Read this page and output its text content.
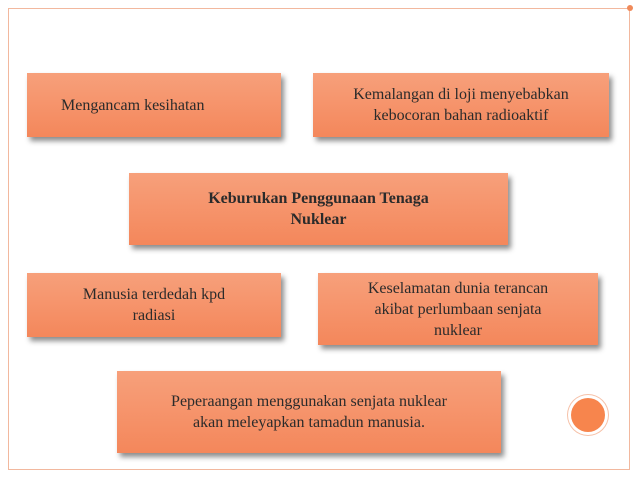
Mengancam kesihatan
Kemalangan di loji menyebabkan
kebocoran bahan radioaktif
Keburukan Penggunaan Tenaga
Nuklear
Manusia terdedah kpd
radiasi
Keselamatan dunia terancan
akibat perlumbaan senjata
nuklear
Peperaangan menggunakan senjata nuklear
akan meleyapkan tamadun manusia.
